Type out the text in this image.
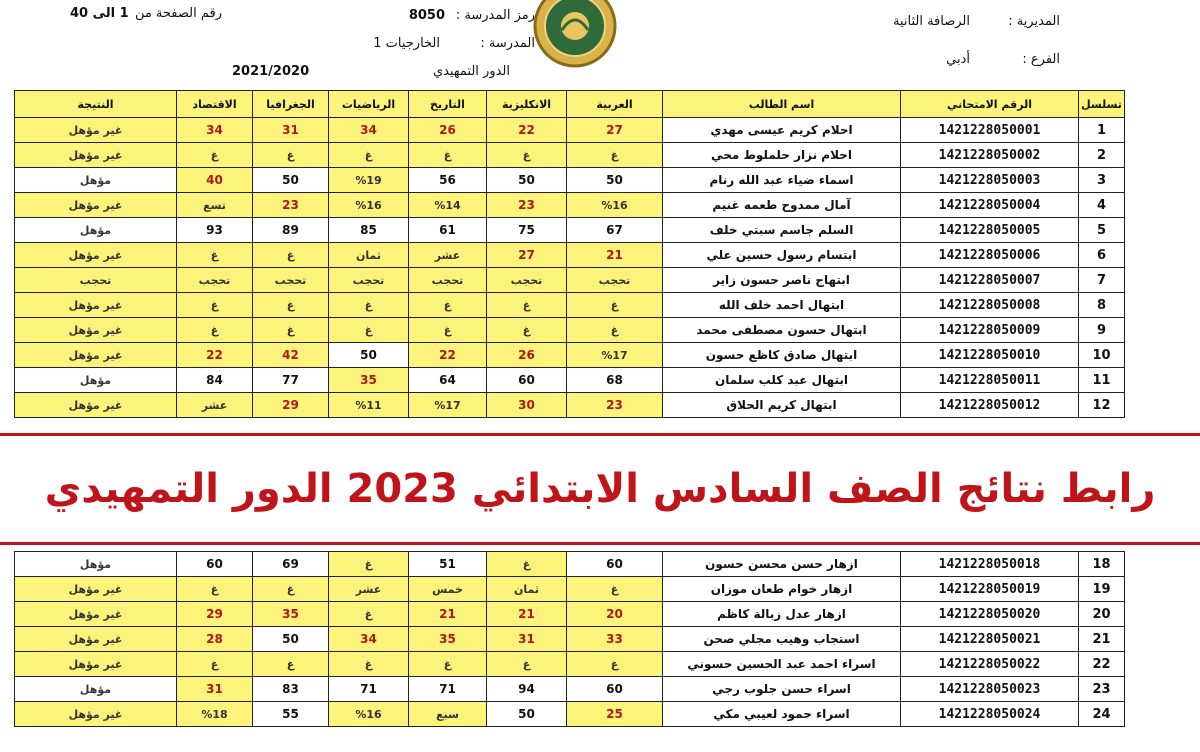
المديرية :
الرصافة الثانية
الفرع :
أدبي
رمز المدرسة :
8050
المدرسة :
الخارجيات 1
الدور التمهيدي
2021/2020
رقم الصفحة من
1 الى 40
تسلسل	الرقم الامتحاني	اسم الطالب	العربية	الانكليزية	التاريخ	الرياضيات	الجغرافيا	الاقتصاد	النتيجة
1	1421228050001	احلام كريم عيسى مهدي	27	22	26	34	31	34	غير مؤهل
2	1421228050002	احلام نزار حلملوط محي	غ	غ	غ	غ	غ	غ	غير مؤهل
3	1421228050003	اسماء ضياء عبد الله رنام	50	50	56	%19	50	40	مؤهل
4	1421228050004	آمال ممدوح طعمه غنيم	%16	23	%14	%16	23	تسع	غير مؤهل
5	1421228050005	السلم جاسم سبتي خلف	67	75	61	85	89	93	مؤهل
6	1421228050006	ابتسام رسول حسين علي	21	27	عشر	ثمان	غ	غ	غير مؤهل
7	1421228050007	ابتهاج ناصر حسون زاير	تحجب	تحجب	تحجب	تحجب	تحجب	تحجب	تحجب
8	1421228050008	ابتهال احمد خلف الله	غ	غ	غ	غ	غ	غ	غير مؤهل
9	1421228050009	ابتهال حسون مصطفى محمد	غ	غ	غ	غ	غ	غ	غير مؤهل
10	1421228050010	ابتهال صادق كاظع حسون	%17	26	22	50	42	22	غير مؤهل
11	1421228050011	ابتهال عبد كلب سلمان	68	60	64	35	77	84	مؤهل
12	1421228050012	ابتهال كريم الحلاق	23	30	%17	%11	29	عشر	غير مؤهل
18	1421228050018	ازهار حسن محسن حسون	60	غ	51	غ	69	60	مؤهل
19	1421228050019	ازهار خوام طعان موزان	غ	ثمان	خمس	عشر	غ	غ	غير مؤهل
20	1421228050020	ازهار عدل زبالة كاظم	20	21	21	غ	35	29	غير مؤهل
21	1421228050021	استجاب وهيب مجلي صحن	33	31	35	34	50	28	غير مؤهل
22	1421228050022	اسراء احمد عبد الحسين حسوني	غ	غ	غ	غ	غ	غ	غير مؤهل
23	1421228050023	اسراء حسن جلوب رجي	60	94	71	71	83	31	مؤهل
24	1421228050024	اسراء حمود لعيبي مكي	25	50	سبع	%16	55	%18	غير مؤهل
رابط نتائج الصف السادس الابتدائي 2023 الدور التمهيدي
